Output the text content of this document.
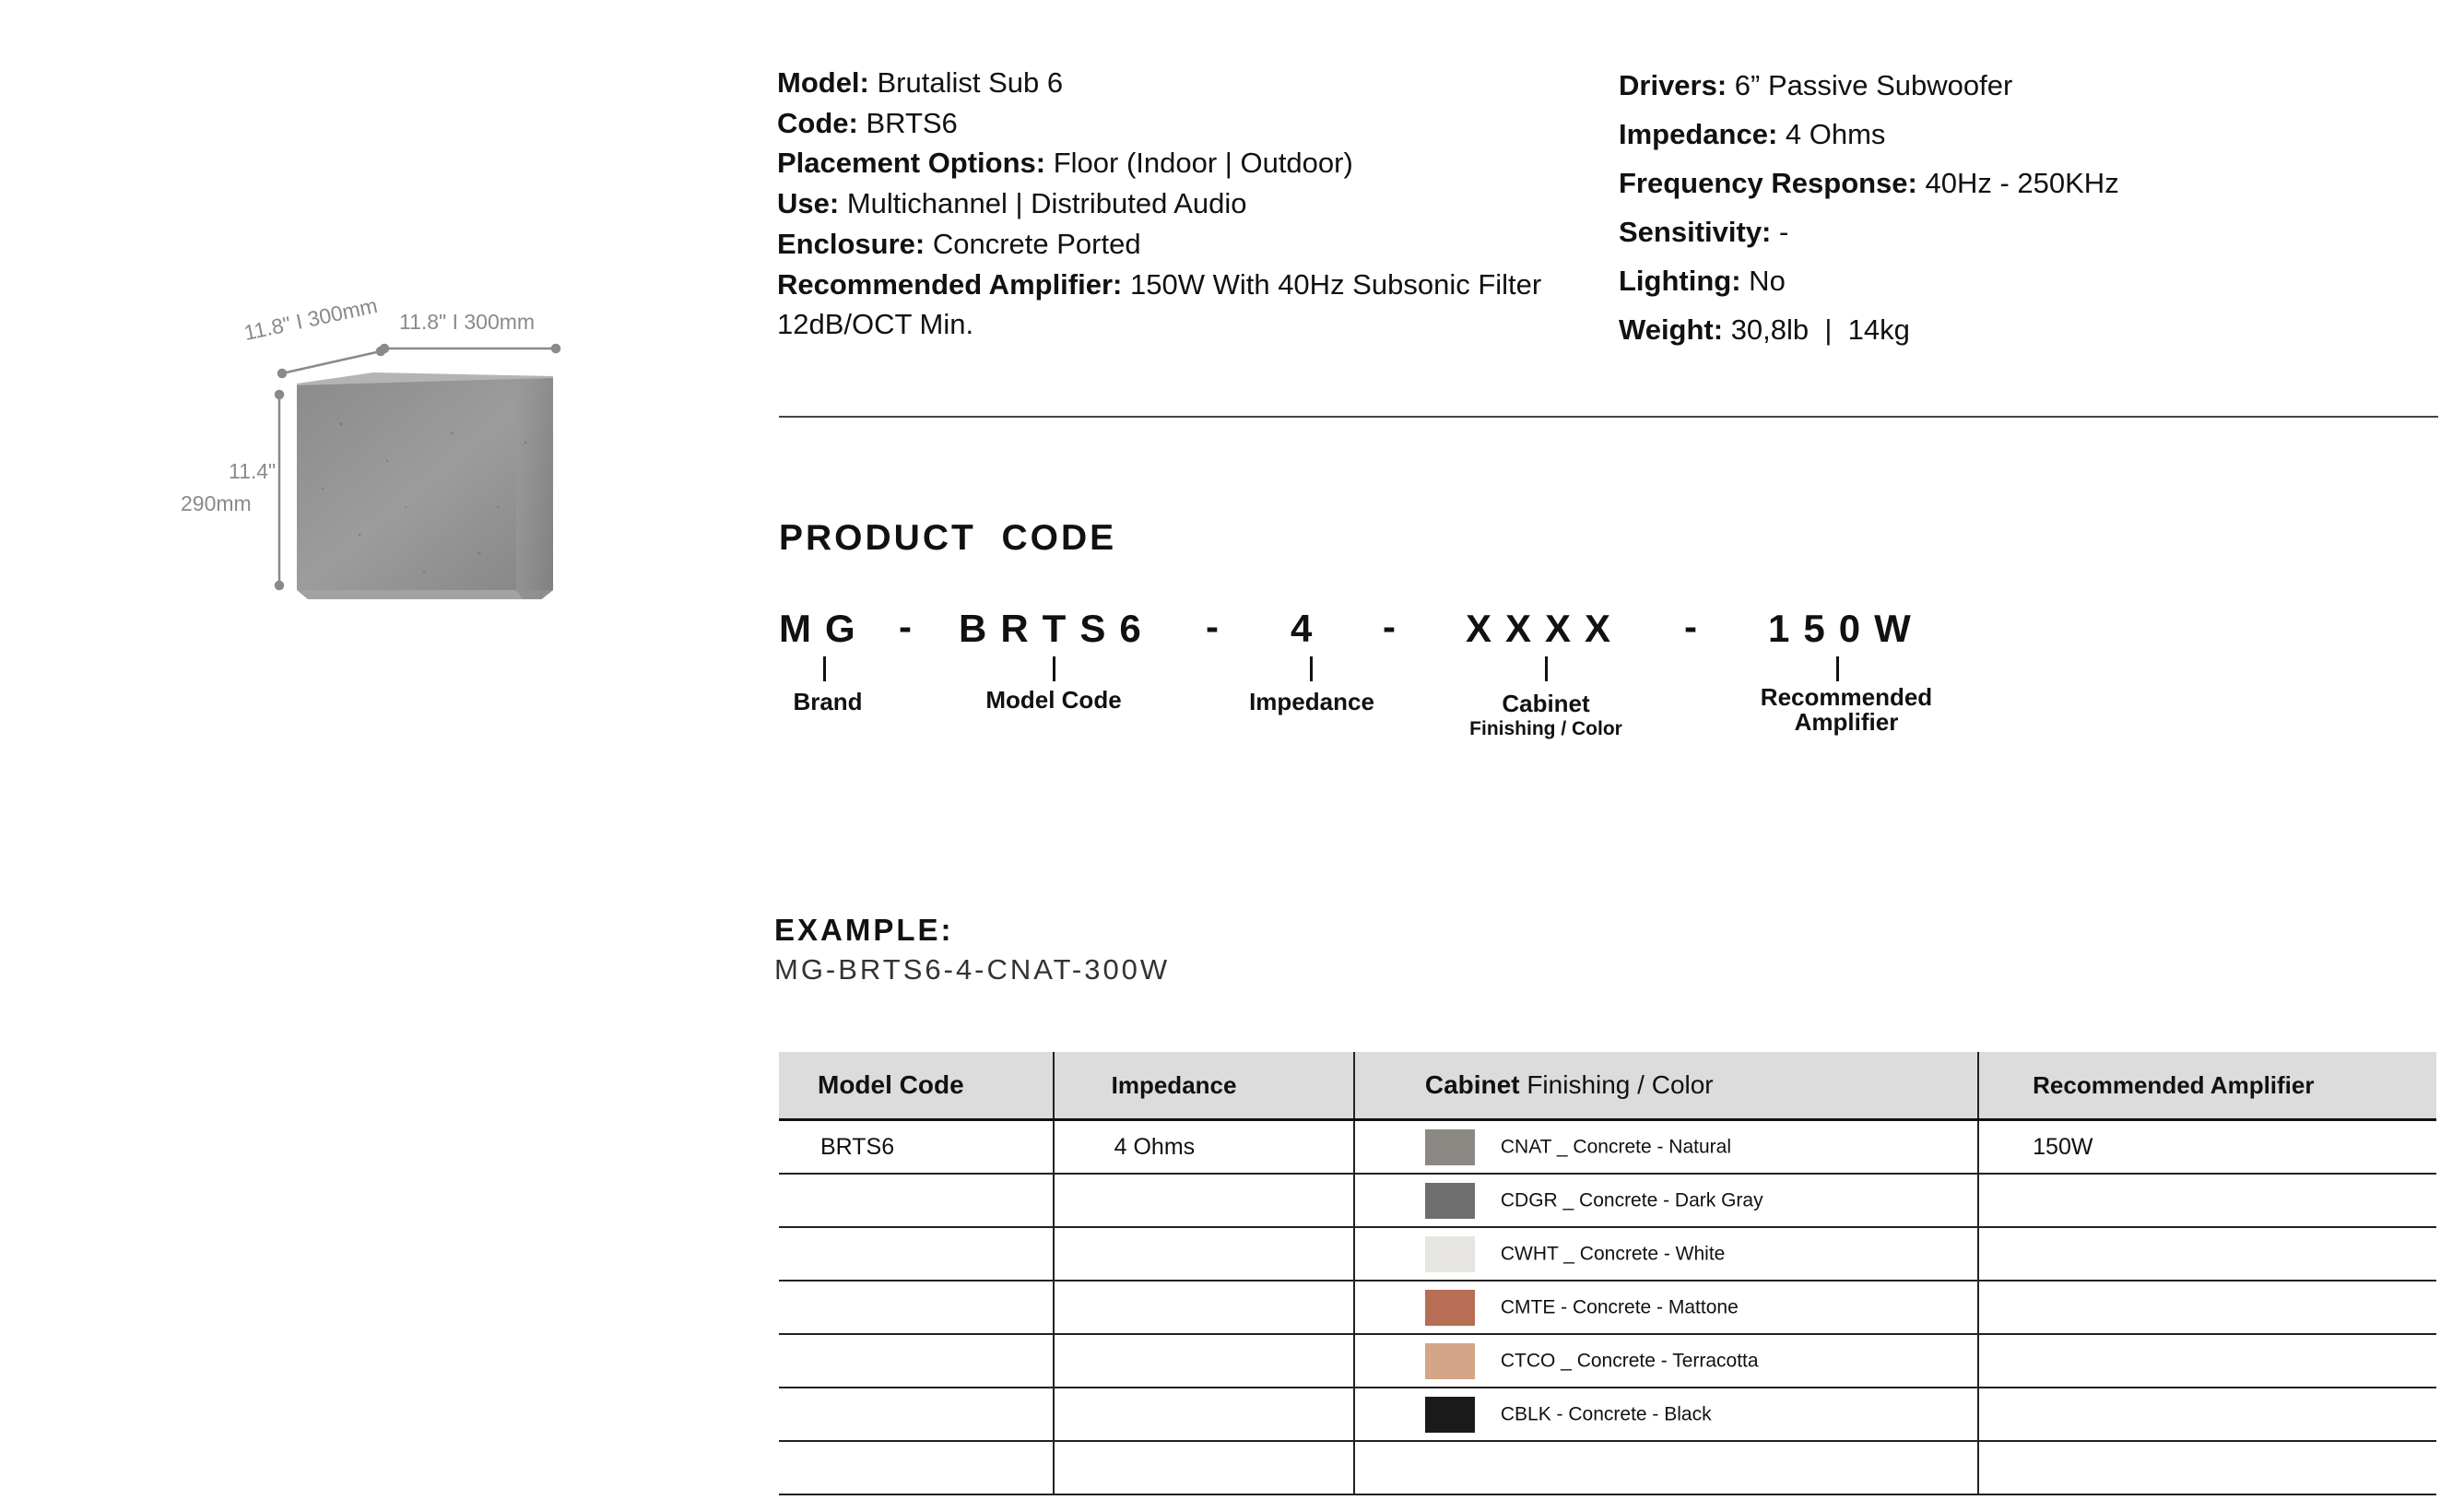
11.8" I 300mm 11.8" I 300mm
11.4"
290mm
Model: Brutalist Sub 6
Code: BRTS6
Placement Options: Floor (Indoor | Outdoor)
Use: Multichannel | Distributed Audio
Enclosure: Concrete Ported
Recommended Amplifier: 150W With 40Hz Subsonic Filter 12dB/OCT Min.
Drivers: 6” Passive Subwoofer
Impedance: 4 Ohms
Frequency Response: 40Hz - 250KHz
Sensitivity: -
Lighting: No
Weight: 30,8lb  |  14kg
PRODUCT  CODE
MG - BRTS6 - 4 - XXXX - 150W
Brand	Model Code	Impedance	Cabinet
Finishing / Color
Recommended
Amplifier
EXAMPLE:
MG-BRTS6-4-CNAT-300W
Model Code	Impedance	Cabinet Finishing / Color	Recommended Amplifier
BRTS6	4 Ohms	CNAT _ Concrete - Natural	150W
		CDGR _ Concrete - Dark Gray	
		CWHT _ Concrete - White	
		CMTE - Concrete - Mattone	
		CTCO _ Concrete - Terracotta	
		CBLK - Concrete - Black	
